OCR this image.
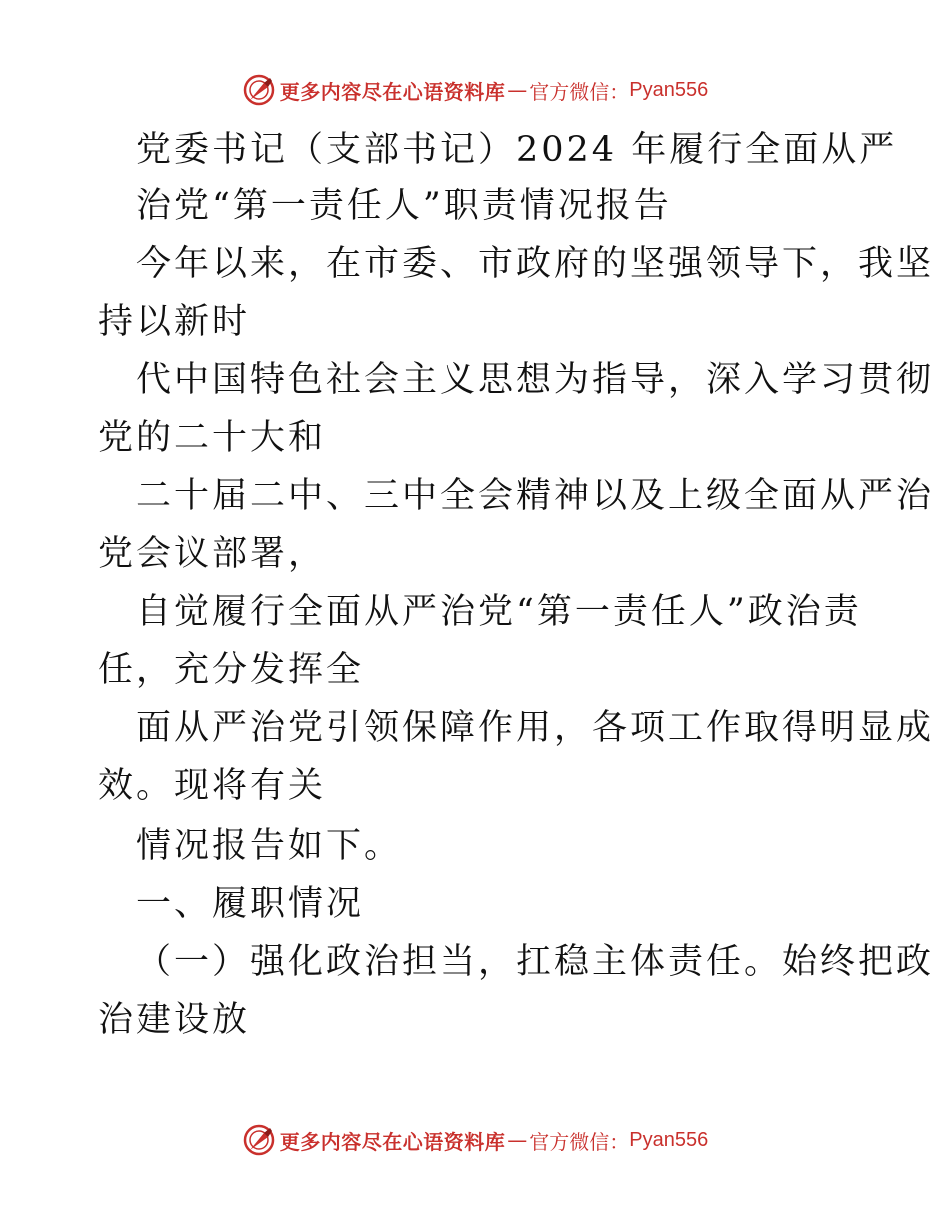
更多内容尽在心语资料库 — 官方微信： Pyan556
党委书记（支部书记）2024 年履行全面从严
治党“第一责任人”职责情况报告
今年以来，在市委、市政府的坚强领导下，我坚
持以新时
代中国特色社会主义思想为指导，深入学习贯彻
党的二十大和
二十届二中、三中全会精神以及上级全面从严治
党会议部署，
自觉履行全面从严治党“第一责任人”政治责
任，充分发挥全
面从严治党引领保障作用，各项工作取得明显成
效。现将有关
情况报告如下。
一、履职情况
（一）强化政治担当，扛稳主体责任。始终把政
治建设放
更多内容尽在心语资料库 — 官方微信： Pyan556
